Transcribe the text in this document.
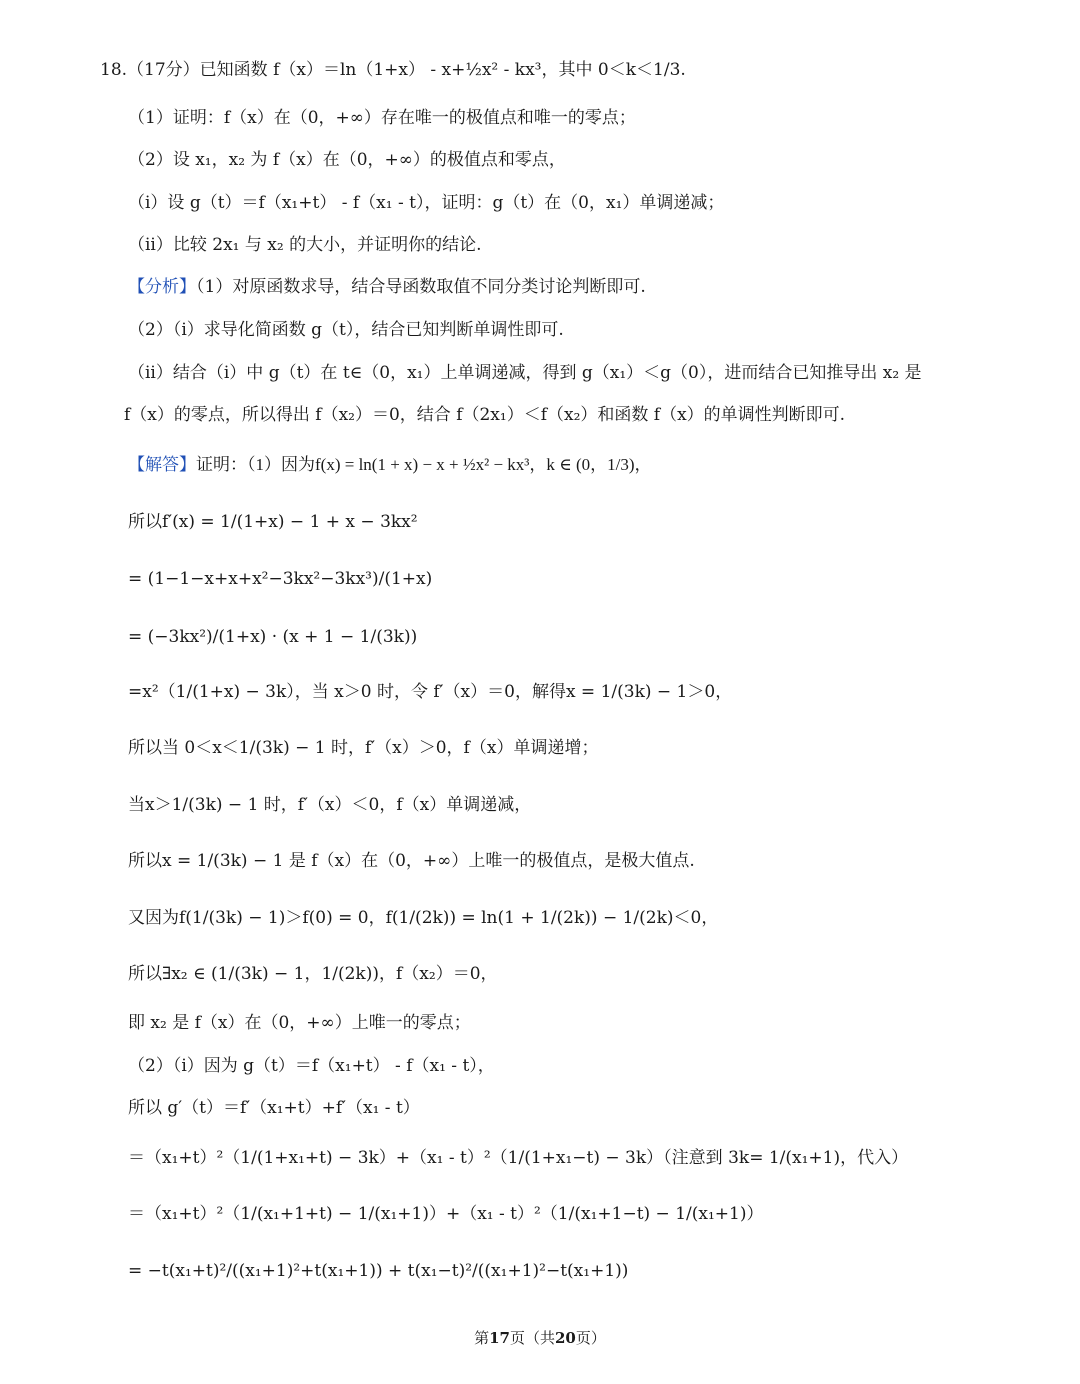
18.（17分）已知函数 f（x）＝ln（1+x） - x+½x² - kx³，其中 0＜k＜1/3.
（1）证明：f（x）在（0，+∞）存在唯一的极值点和唯一的零点；
（2）设 x₁，x₂ 为 f（x）在（0，+∞）的极值点和零点，
（i）设 g（t）＝f（x₁+t） - f（x₁ - t），证明：g（t）在（0，x₁）单调递减；
（ii）比较 2x₁ 与 x₂ 的大小，并证明你的结论.
【分析】（1）对原函数求导，结合导函数取值不同分类讨论判断即可.
（2）（i）求导化简函数 g（t），结合已知判断单调性即可.
（ii）结合（i）中 g（t）在 t∈（0，x₁）上单调递减，得到 g（x₁）＜g（0），进而结合已知推导出 x₂ 是
f（x）的零点，所以得出 f（x₂）＝0，结合 f（2x₁）＜f（x₂）和函数 f（x）的单调性判断即可.
【解答】证明：（1）因为f(x) = ln(1 + x) − x + ½x² − kx³，k ∈ (0，1/3)，
所以f′(x) = 1/(1+x) − 1 + x − 3kx²
= (1−1−x+x+x²−3kx²−3kx³)/(1+x)
= (−3kx²)/(1+x) · (x + 1 − 1/(3k))
=x²（1/(1+x) − 3k），当 x＞0 时，令 f′（x）＝0，解得x = 1/(3k) − 1＞0，
所以当 0＜x＜1/(3k) − 1 时，f′（x）＞0，f（x）单调递增；
当x＞1/(3k) − 1 时，f′（x）＜0，f（x）单调递减，
所以x = 1/(3k) − 1 是 f（x）在（0，+∞）上唯一的极值点，是极大值点.
又因为f(1/(3k) − 1)＞f(0) = 0，f(1/(2k)) = ln(1 + 1/(2k)) − 1/(2k)＜0，
所以∃x₂ ∈ (1/(3k) − 1，1/(2k))，f（x₂）＝0，
即 x₂ 是 f（x）在（0，+∞）上唯一的零点；
（2）（i）因为 g（t）＝f（x₁+t） - f（x₁ - t），
所以 g′（t）＝f′（x₁+t）+f′（x₁ - t）
＝（x₁+t）²（1/(1+x₁+t) − 3k）+（x₁ - t）²（1/(1+x₁−t) − 3k）（注意到 3k= 1/(x₁+1)，代入）
＝（x₁+t）²（1/(x₁+1+t) − 1/(x₁+1)）+（x₁ - t）²（1/(x₁+1−t) − 1/(x₁+1)）
= −t(x₁+t)²/((x₁+1)²+t(x₁+1)) + t(x₁−t)²/((x₁+1)²−t(x₁+1))
第17页（共20页）
